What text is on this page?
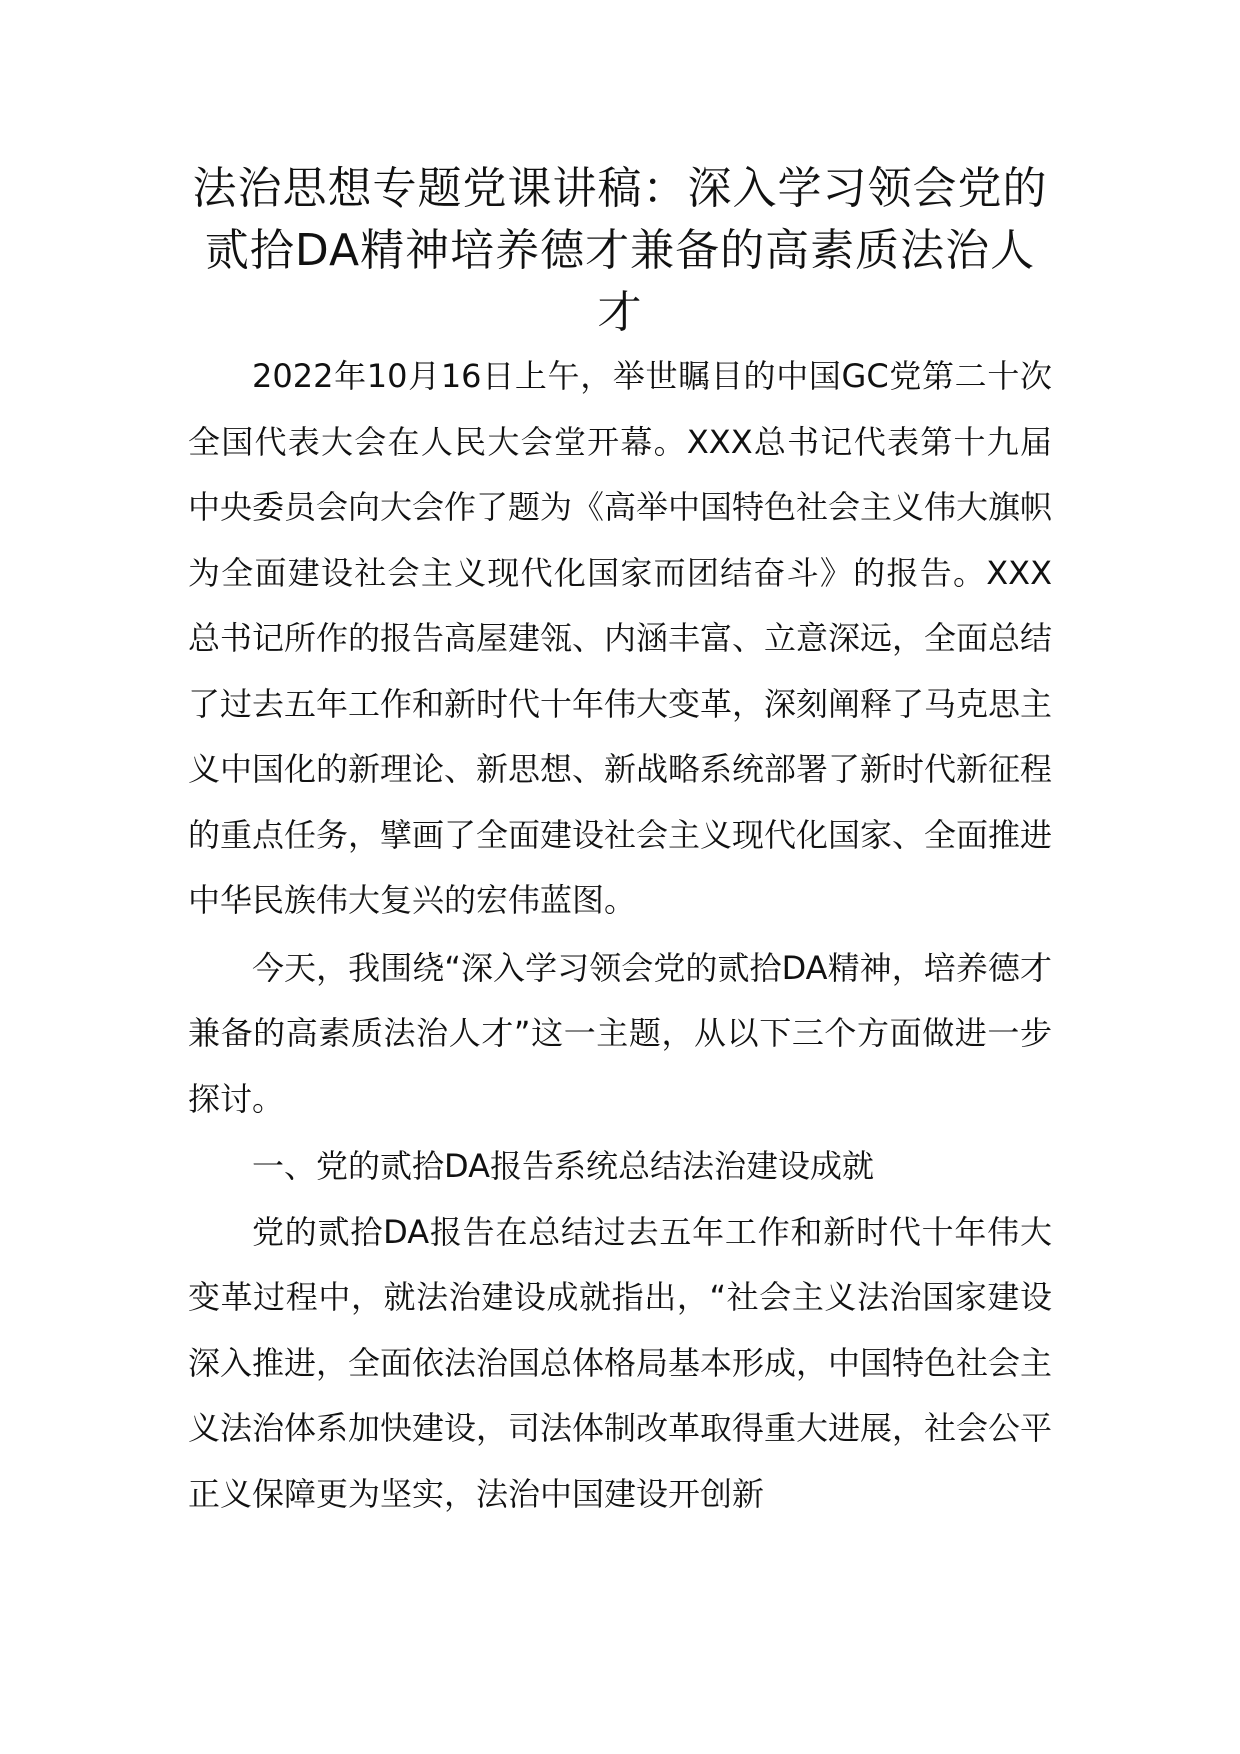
法治思想专题党课讲稿：深入学习领会党的贰拾DA精神培养德才兼备的高素质法治人才

2022年10月16日上午，举世瞩目的中国GC党第二十次全国代表大会在人民大会堂开幕。XXX总书记代表第十九届中央委员会向大会作了题为《高举中国特色社会主义伟大旗帜为全面建设社会主义现代化国家而团结奋斗》的报告。XXX总书记所作的报告高屋建瓴、内涵丰富、立意深远，全面总结了过去五年工作和新时代十年伟大变革，深刻阐释了马克思主义中国化的新理论、新思想、新战略系统部署了新时代新征程的重点任务，擘画了全面建设社会主义现代化国家、全面推进中华民族伟大复兴的宏伟蓝图。

今天，我围绕“深入学习领会党的贰拾DA精神，培养德才兼备的高素质法治人才”这一主题，从以下三个方面做进一步探讨。

一、党的贰拾DA报告系统总结法治建设成就

党的贰拾DA报告在总结过去五年工作和新时代十年伟大变革过程中，就法治建设成就指出，“社会主义法治国家建设深入推进，全面依法治国总体格局基本形成，中国特色社会主义法治体系加快建设，司法体制改革取得重大进展，社会公平正义保障更为坚实，法治中国建设开创新
